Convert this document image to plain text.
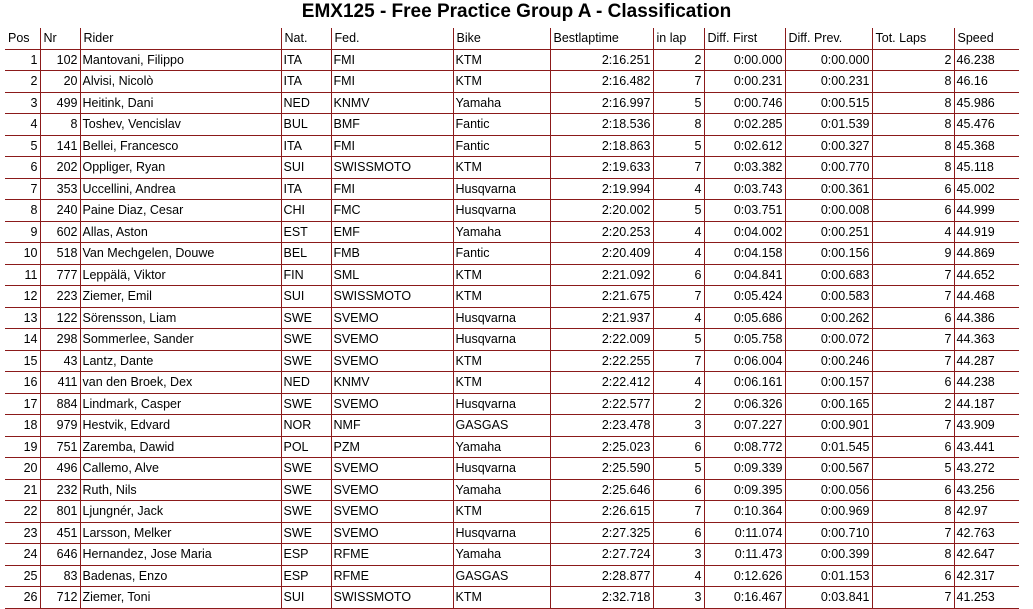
EMX125 - Free Practice Group A - Classification
Pos	Nr	Rider	Nat.	Fed.	Bike	Bestlaptime	in lap	Diff. First	Diff. Prev.	Tot. Laps	Speed
1	102	Mantovani, Filippo	ITA	FMI	KTM	2:16.251	2	0:00.000	0:00.000	2	46.238
2	20	Alvisi, Nicolò	ITA	FMI	KTM	2:16.482	7	0:00.231	0:00.231	8	46.16
3	499	Heitink, Dani	NED	KNMV	Yamaha	2:16.997	5	0:00.746	0:00.515	8	45.986
4	8	Toshev, Vencislav	BUL	BMF	Fantic	2:18.536	8	0:02.285	0:01.539	8	45.476
5	141	Bellei, Francesco	ITA	FMI	Fantic	2:18.863	5	0:02.612	0:00.327	8	45.368
6	202	Oppliger, Ryan	SUI	SWISSMOTO	KTM	2:19.633	7	0:03.382	0:00.770	8	45.118
7	353	Uccellini, Andrea	ITA	FMI	Husqvarna	2:19.994	4	0:03.743	0:00.361	6	45.002
8	240	Paine Diaz, Cesar	CHI	FMC	Husqvarna	2:20.002	5	0:03.751	0:00.008	6	44.999
9	602	Allas, Aston	EST	EMF	Yamaha	2:20.253	4	0:04.002	0:00.251	4	44.919
10	518	Van Mechgelen, Douwe	BEL	FMB	Fantic	2:20.409	4	0:04.158	0:00.156	9	44.869
11	777	Leppälä, Viktor	FIN	SML	KTM	2:21.092	6	0:04.841	0:00.683	7	44.652
12	223	Ziemer, Emil	SUI	SWISSMOTO	KTM	2:21.675	7	0:05.424	0:00.583	7	44.468
13	122	Sörensson, Liam	SWE	SVEMO	Husqvarna	2:21.937	4	0:05.686	0:00.262	6	44.386
14	298	Sommerlee, Sander	SWE	SVEMO	Husqvarna	2:22.009	5	0:05.758	0:00.072	7	44.363
15	43	Lantz, Dante	SWE	SVEMO	KTM	2:22.255	7	0:06.004	0:00.246	7	44.287
16	411	van den Broek, Dex	NED	KNMV	KTM	2:22.412	4	0:06.161	0:00.157	6	44.238
17	884	Lindmark, Casper	SWE	SVEMO	Husqvarna	2:22.577	2	0:06.326	0:00.165	2	44.187
18	979	Hestvik, Edvard	NOR	NMF	GASGAS	2:23.478	3	0:07.227	0:00.901	7	43.909
19	751	Zaremba, Dawid	POL	PZM	Yamaha	2:25.023	6	0:08.772	0:01.545	6	43.441
20	496	Callemo, Alve	SWE	SVEMO	Husqvarna	2:25.590	5	0:09.339	0:00.567	5	43.272
21	232	Ruth, Nils	SWE	SVEMO	Yamaha	2:25.646	6	0:09.395	0:00.056	6	43.256
22	801	Ljungnér, Jack	SWE	SVEMO	KTM	2:26.615	7	0:10.364	0:00.969	8	42.97
23	451	Larsson, Melker	SWE	SVEMO	Husqvarna	2:27.325	6	0:11.074	0:00.710	7	42.763
24	646	Hernandez, Jose Maria	ESP	RFME	Yamaha	2:27.724	3	0:11.473	0:00.399	8	42.647
25	83	Badenas, Enzo	ESP	RFME	GASGAS	2:28.877	4	0:12.626	0:01.153	6	42.317
26	712	Ziemer, Toni	SUI	SWISSMOTO	KTM	2:32.718	3	0:16.467	0:03.841	7	41.253
